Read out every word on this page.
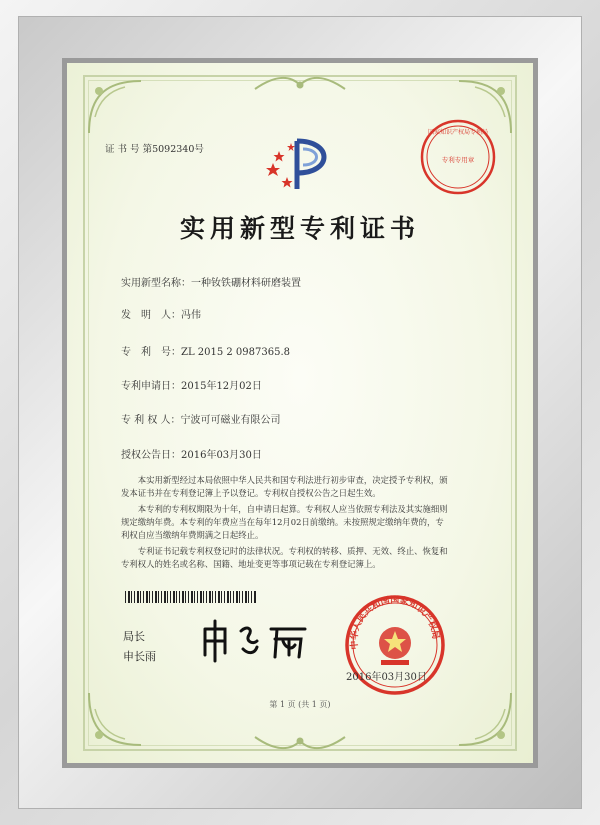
证 书 号 第5092340号
国家知识产权局专利局
专利专用章
实用新型专利证书
实用新型名称：一种钕铁硼材料研磨装置
发　明　人：冯伟
专　利　号：ZL 2015 2 0987365.8
专利申请日：2015年12月02日
专 利 权 人：宁波可可磁业有限公司
授权公告日：2016年03月30日
　　本实用新型经过本局依照中华人民共和国专利法进行初步审查，决定授予专利权，颁
发本证书并在专利登记簿上予以登记。专利权自授权公告之日起生效。
　　本专利的专利权期限为十年，自申请日起算。专利权人应当依照专利法及其实施细则
规定缴纳年费。本专利的年费应当在每年12月02日前缴纳。未按照规定缴纳年费的，专
利权自应当缴纳年费期满之日起终止。
　　专利证书记载专利权登记时的法律状况。专利权的转移、质押、无效、终止、恢复和
专利权人的姓名或名称、国籍、地址变更等事项记载在专利登记簿上。
局长
申长雨
中华人民共和国国家知识产权局
2016年03月30日
第 1 页 (共 1 页)
